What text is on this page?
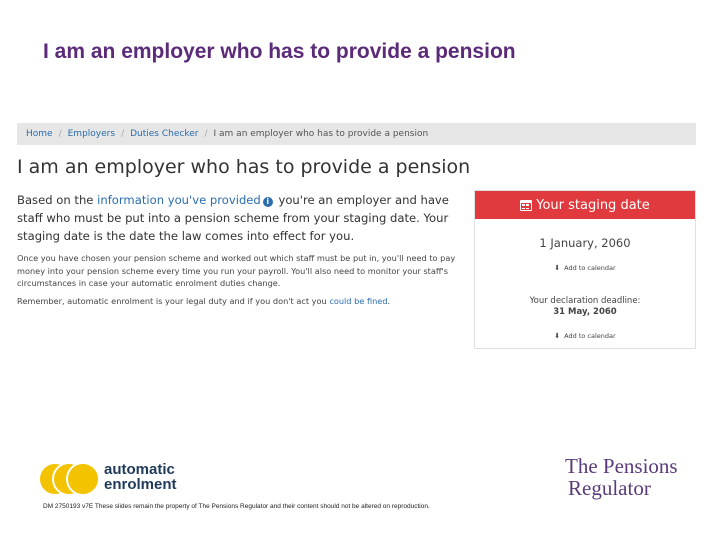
I am an employer who has to provide a pension
Home / Employers / Duties Checker / I am an employer who has to provide a pension
I am an employer who has to provide a pension

Based on the information you've provided i you're an employer and have staff who must be put into a pension scheme from your staging date. Your staging date is the date the law comes into effect for you.

Once you have chosen your pension scheme and worked out which staff must be put in, you'll need to pay money into your pension scheme every time you run your payroll. You'll also need to monitor your staff's circumstances in case your automatic enrolment duties change.

Remember, automatic enrolment is your legal duty and if you don't act you could be fined.

Your staging date
1 January, 2060
⬇ Add to calendar
Your declaration deadline:
31 May, 2060
⬇ Add to calendar
automatic
enrolment
The Pensions
Regulator
DM 2750193 v7E These slides remain the property of The Pensions Regulator and their content should not be altered on reproduction.
